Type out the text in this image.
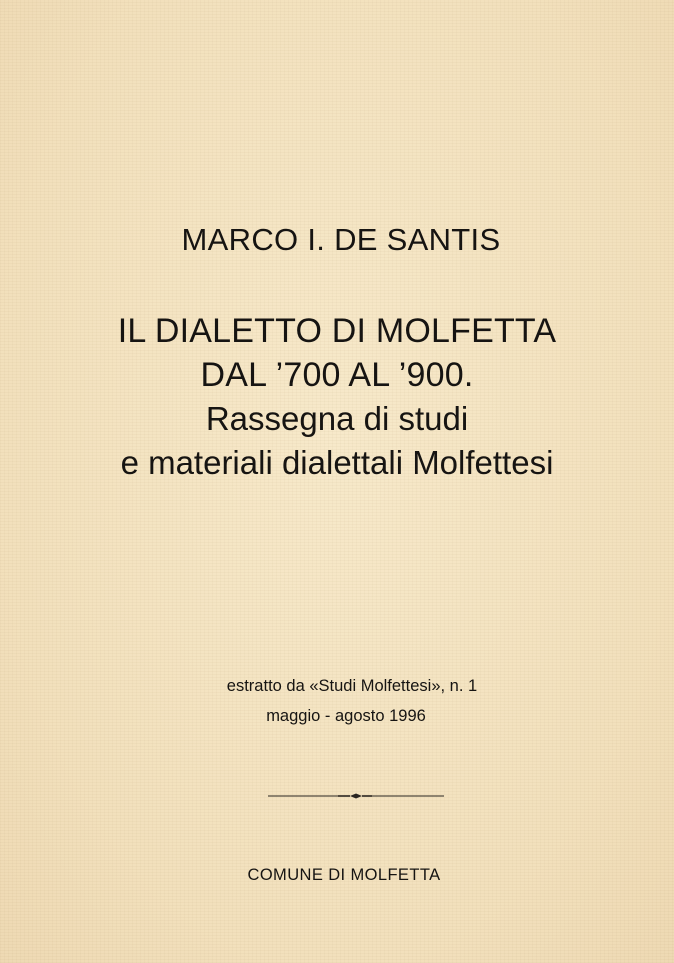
MARCO I. DE SANTIS
IL DIALETTO DI MOLFETTA
DAL ’700 AL ’900.
Rassegna di studi
e materiali dialettali Molfettesi
estratto da «Studi Molfettesi», n. 1
maggio - agosto 1996
COMUNE DI MOLFETTA
